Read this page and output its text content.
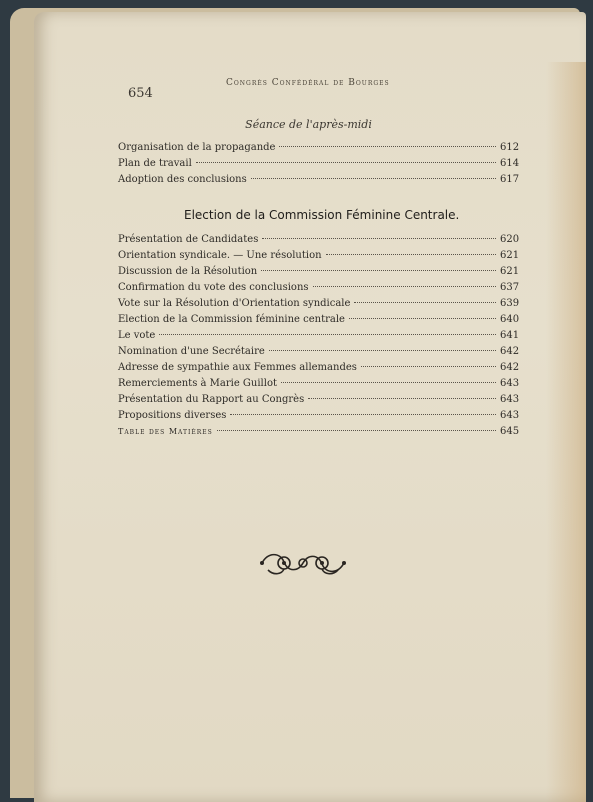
654
Congrès Confédéral de Bourges
Séance de l'après-midi
Organisation de la propagande	612
Plan de travail	614
Adoption des conclusions	617
Election de la Commission Féminine Centrale.
Présentation de Candidates	620
Orientation syndicale. — Une résolution	621
Discussion de la Résolution	621
Confirmation du vote des conclusions	637
Vote sur la Résolution d'Orientation syndicale	639
Election de la Commission féminine centrale	640
Le vote	641
Nomination d'une Secrétaire	642
Adresse de sympathie aux Femmes allemandes	642
Remerciements à Marie Guillot	643
Présentation du Rapport au Congrès	643
Propositions diverses	643
Table des Matières	645
